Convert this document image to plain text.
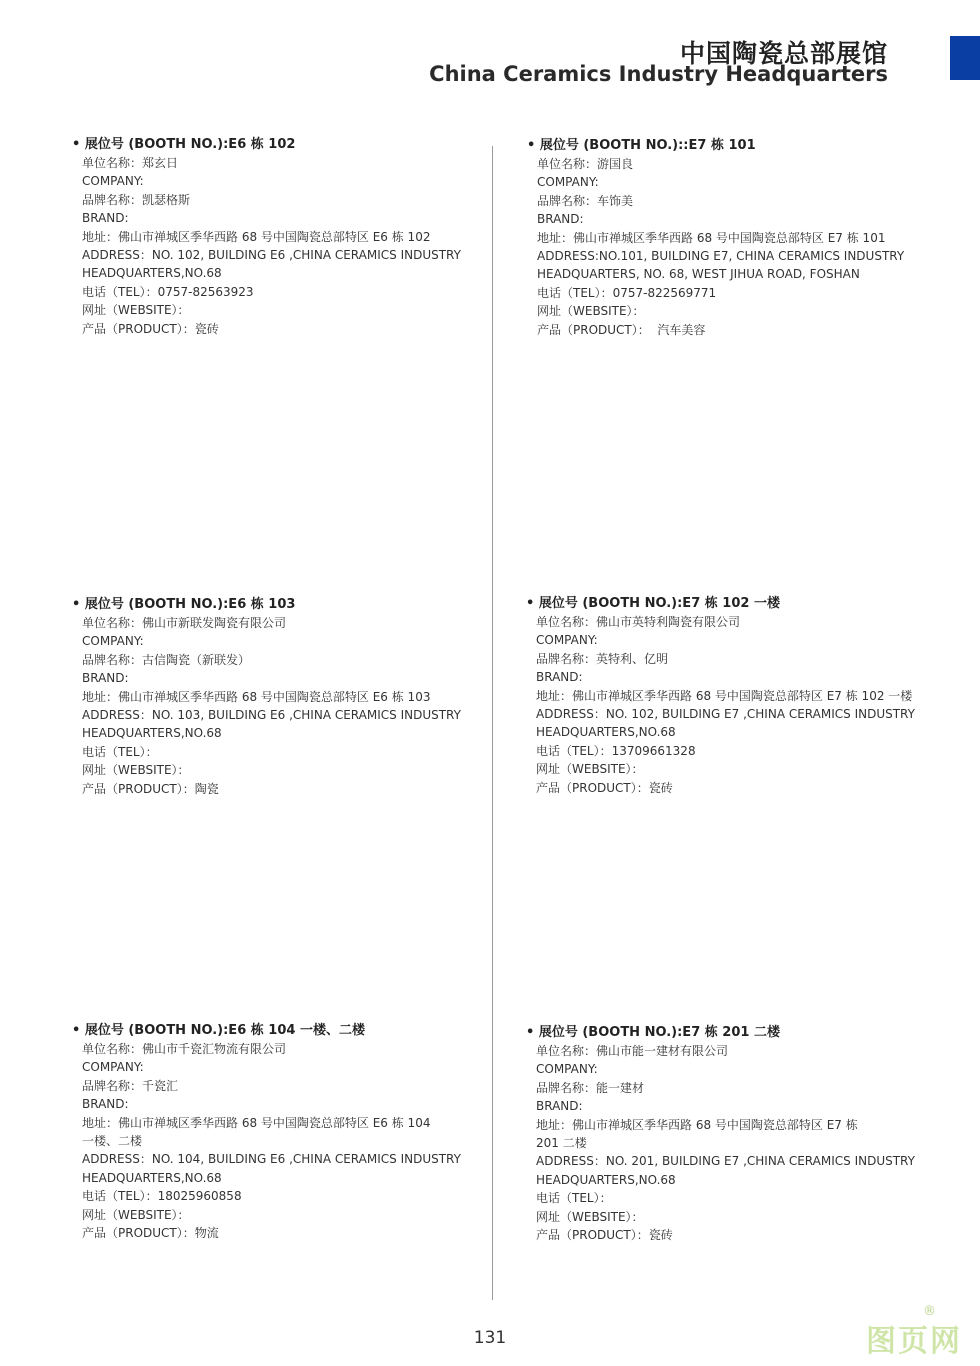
中国陶瓷总部展馆
China Ceramics Industry Headquarters
• 展位号 (BOOTH NO.):E6 栋 102
单位名称：郑玄日
COMPANY:
品牌名称：凯瑟格斯
BRAND:
地址：佛山市禅城区季华西路 68 号中国陶瓷总部特区 E6 栋 102
ADDRESS：NO. 102, BUILDING E6 ,CHINA CERAMICS INDUSTRY
HEADQUARTERS,NO.68
电话（TEL）：0757-82563923
网址（WEBSITE）：
产品（PRODUCT）：瓷砖
• 展位号 (BOOTH NO.)::E7 栋 101
单位名称：游国良
COMPANY:
品牌名称：车饰美
BRAND:
地址：佛山市禅城区季华西路 68 号中国陶瓷总部特区 E7 栋 101
ADDRESS:NO.101, BUILDING E7, CHINA CERAMICS INDUSTRY
HEADQUARTERS, NO. 68, WEST JIHUA ROAD, FOSHAN
电话（TEL）：0757-822569771
网址（WEBSITE）：
产品（PRODUCT）：  汽车美容
• 展位号 (BOOTH NO.):E6 栋 103
单位名称：佛山市新联发陶瓷有限公司
COMPANY:
品牌名称：古信陶瓷（新联发）
BRAND:
地址：佛山市禅城区季华西路 68 号中国陶瓷总部特区 E6 栋 103
ADDRESS：NO. 103, BUILDING E6 ,CHINA CERAMICS INDUSTRY
HEADQUARTERS,NO.68
电话（TEL）：
网址（WEBSITE）：
产品（PRODUCT）：陶瓷
• 展位号 (BOOTH NO.):E7 栋 102 一楼
单位名称：佛山市英特利陶瓷有限公司
COMPANY:
品牌名称：英特利、亿明
BRAND:
地址：佛山市禅城区季华西路 68 号中国陶瓷总部特区 E7 栋 102 一楼
ADDRESS：NO. 102, BUILDING E7 ,CHINA CERAMICS INDUSTRY
HEADQUARTERS,NO.68
电话（TEL）：13709661328
网址（WEBSITE）：
产品（PRODUCT）：瓷砖
• 展位号 (BOOTH NO.):E6 栋 104 一楼、二楼
单位名称：佛山市千瓷汇物流有限公司
COMPANY:
品牌名称：千瓷汇
BRAND:
地址：佛山市禅城区季华西路 68 号中国陶瓷总部特区 E6 栋 104
一楼、二楼
ADDRESS：NO. 104, BUILDING E6 ,CHINA CERAMICS INDUSTRY
HEADQUARTERS,NO.68
电话（TEL）：18025960858
网址（WEBSITE）：
产品（PRODUCT）：物流
• 展位号 (BOOTH NO.):E7 栋 201 二楼
单位名称：佛山市能一建材有限公司
COMPANY:
品牌名称：能一建材
BRAND:
地址：佛山市禅城区季华西路 68 号中国陶瓷总部特区 E7 栋
201 二楼
ADDRESS：NO. 201, BUILDING E7 ,CHINA CERAMICS INDUSTRY
HEADQUARTERS,NO.68
电话（TEL）：
网址（WEBSITE）：
产品（PRODUCT）：瓷砖
131
®
图页网
